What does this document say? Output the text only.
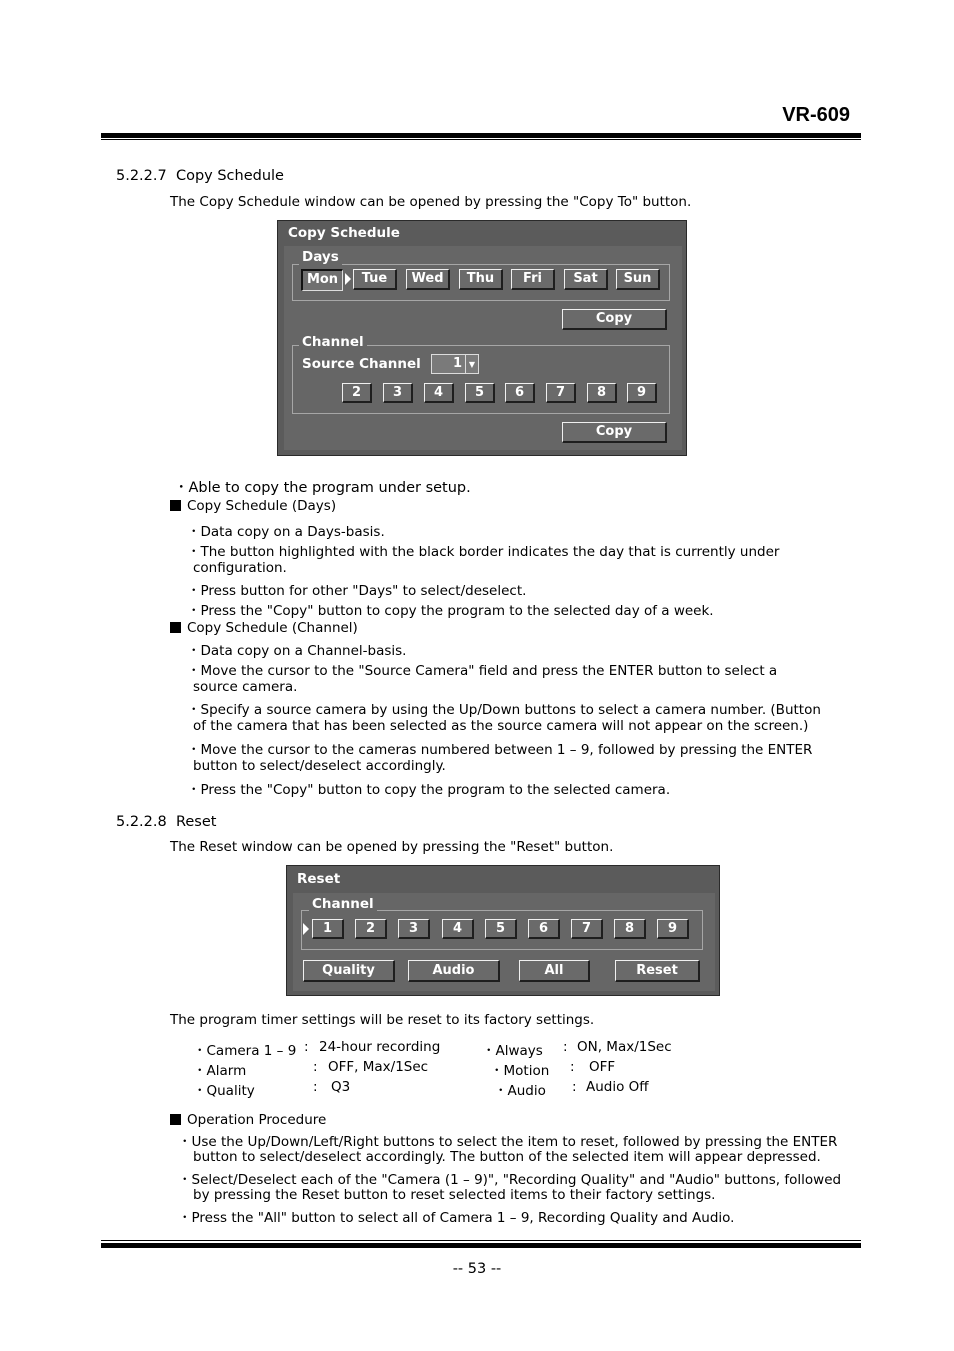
VR-609
5.2.2.7 Copy Schedule
The Copy Schedule window can be opened by pressing the "Copy To" button.
Copy Schedule
Days
Mon	Tue	Wed	Thu	Fri	Sat	Sun
Copy
Channel
Source Channel 1 ▼
2	3	4	5	6	7	8	9
Copy
・Able to copy the program under setup.
Copy Schedule (Days)
・Data copy on a Days-basis.
・The button highlighted with the black border indicates the day that is currently under
configuration.
・Press button for other "Days" to select/deselect.
・Press the "Copy" button to copy the program to the selected day of a week.
Copy Schedule (Channel)
・Data copy on a Channel-basis.
・Move the cursor to the "Source Camera" field and press the ENTER button to select a
source camera.
・Specify a source camera by using the Up/Down buttons to select a camera number. (Button
of the camera that has been selected as the source camera will not appear on the screen.)
・Move the cursor to the cameras numbered between 1 – 9, followed by pressing the ENTER
button to select/deselect accordingly.
・Press the "Copy" button to copy the program to the selected camera.
5.2.2.8 Reset
The Reset window can be opened by pressing the "Reset" button.
Reset
Channel
1	2	3	4	5	6	7	8	9
Quality	Audio	All	Reset
The program timer settings will be reset to its factory settings.
・Camera 1 – 9 : 24-hour recording
・Alarm	: OFF, Max/1Sec
・Quality	: Q3
・Always : ON, Max/1Sec
・Motion : OFF
・Audio : Audio Off
Operation Procedure
・Use the Up/Down/Left/Right buttons to select the item to reset, followed by pressing the ENTER
button to select/deselect accordingly. The button of the selected item will appear depressed.
・Select/Deselect each of the "Camera (1 – 9)", "Recording Quality" and "Audio" buttons, followed
by pressing the Reset button to reset selected items to their factory settings.
・Press the "All" button to select all of Camera 1 – 9, Recording Quality and Audio.
-- 53 --
